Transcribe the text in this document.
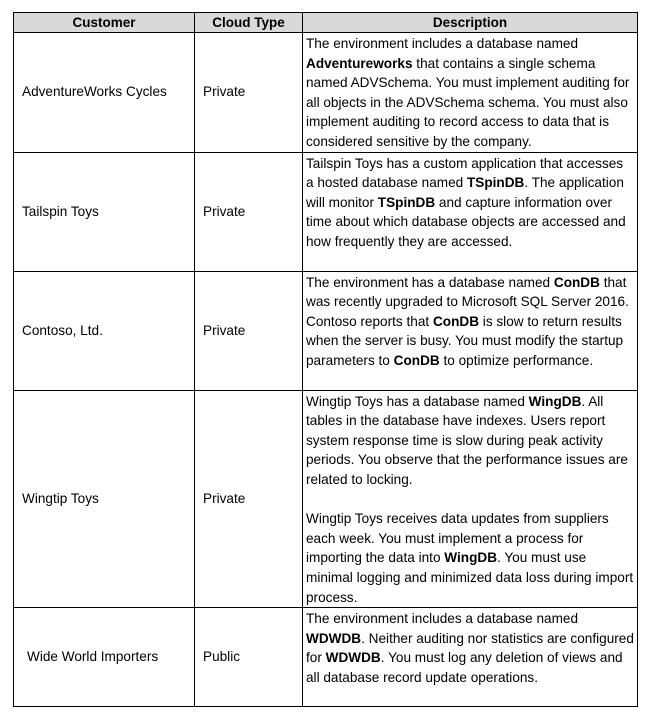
Customer	Cloud Type	Description
AdventureWorks Cycles	Private	The environment includes a database named Adventureworks that contains a single schema named ADVSchema. You must implement auditing for all objects in the ADVSchema schema. You must also implement auditing to record access to data that is considered sensitive by the company.

Tailspin Toys	Private	Tailspin Toys has a custom application that accesses a hosted database named TSpinDB. The application will monitor TSpinDB and capture information over time about which database objects are accessed and how frequently they are accessed.

Contoso, Ltd.	Private	The environment has a database named ConDB that was recently upgraded to Microsoft SQL Server 2016. Contoso reports that ConDB is slow to return results when the server is busy. You must modify the startup parameters to ConDB to optimize performance.

Wingtip Toys	Private	Wingtip Toys has a database named WingDB. All tables in the database have indexes. Users report system response time is slow during peak activity periods. You observe that the performance issues are related to locking.
Wingtip Toys receives data updates from suppliers each week. You must implement a process for importing the data into WingDB. You must use minimal logging and minimized data loss during import process.

Wide World Importers	Public	The environment includes a database named WDWDB. Neither auditing nor statistics are configured for WDWDB. You must log any deletion of views and all database record update operations.
